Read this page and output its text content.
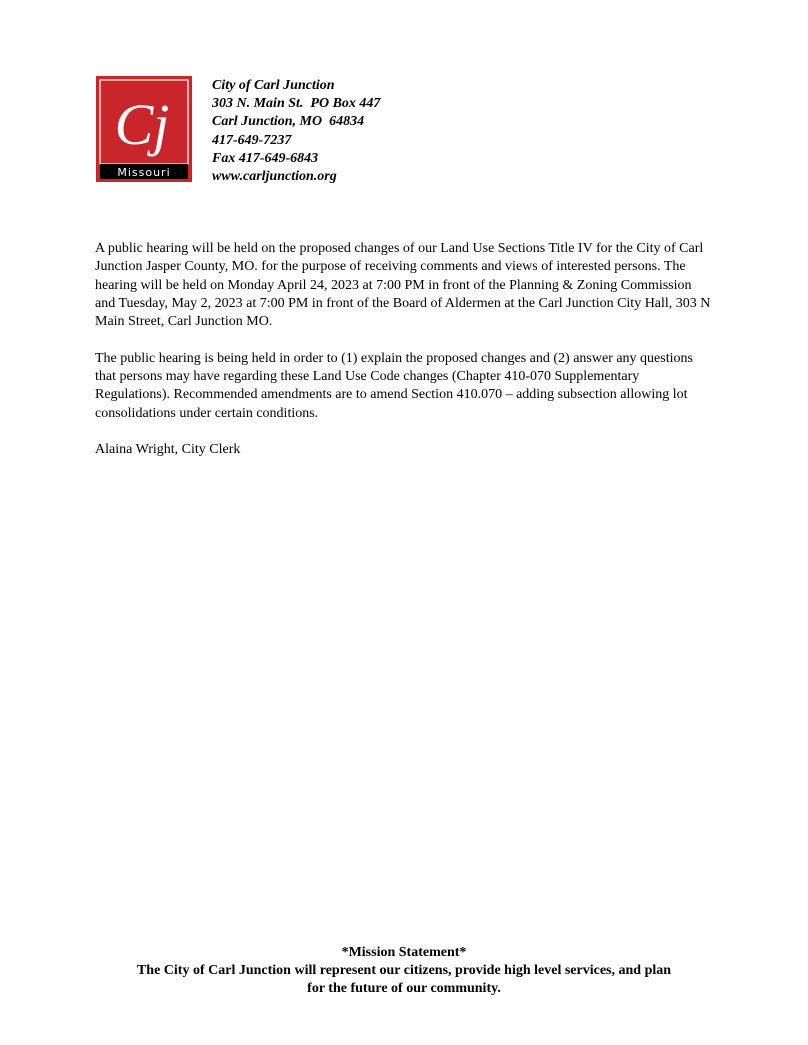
Cj
Missouri
City of Carl Junction
303 N. Main St.  PO Box 447
Carl Junction, MO  64834
417-649-7237
Fax 417-649-6843
www.carljunction.org

A public hearing will be held on the proposed changes of our Land Use Sections Title IV for the City of Carl Junction Jasper County, MO. for the purpose of receiving comments and views of interested persons. The hearing will be held on Monday April 24, 2023 at 7:00 PM in front of the Planning & Zoning Commission and Tuesday, May 2, 2023 at 7:00 PM in front of the Board of Aldermen at the Carl Junction City Hall, 303 N Main Street, Carl Junction MO.

The public hearing is being held in order to (1) explain the proposed changes and (2) answer any questions that persons may have regarding these Land Use Code changes (Chapter 410-070 Supplementary Regulations). Recommended amendments are to amend Section 410.070 – adding subsection allowing lot consolidations under certain conditions.

Alaina Wright, City Clerk

*Mission Statement*
The City of Carl Junction will represent our citizens, provide high level services, and plan
for the future of our community.
